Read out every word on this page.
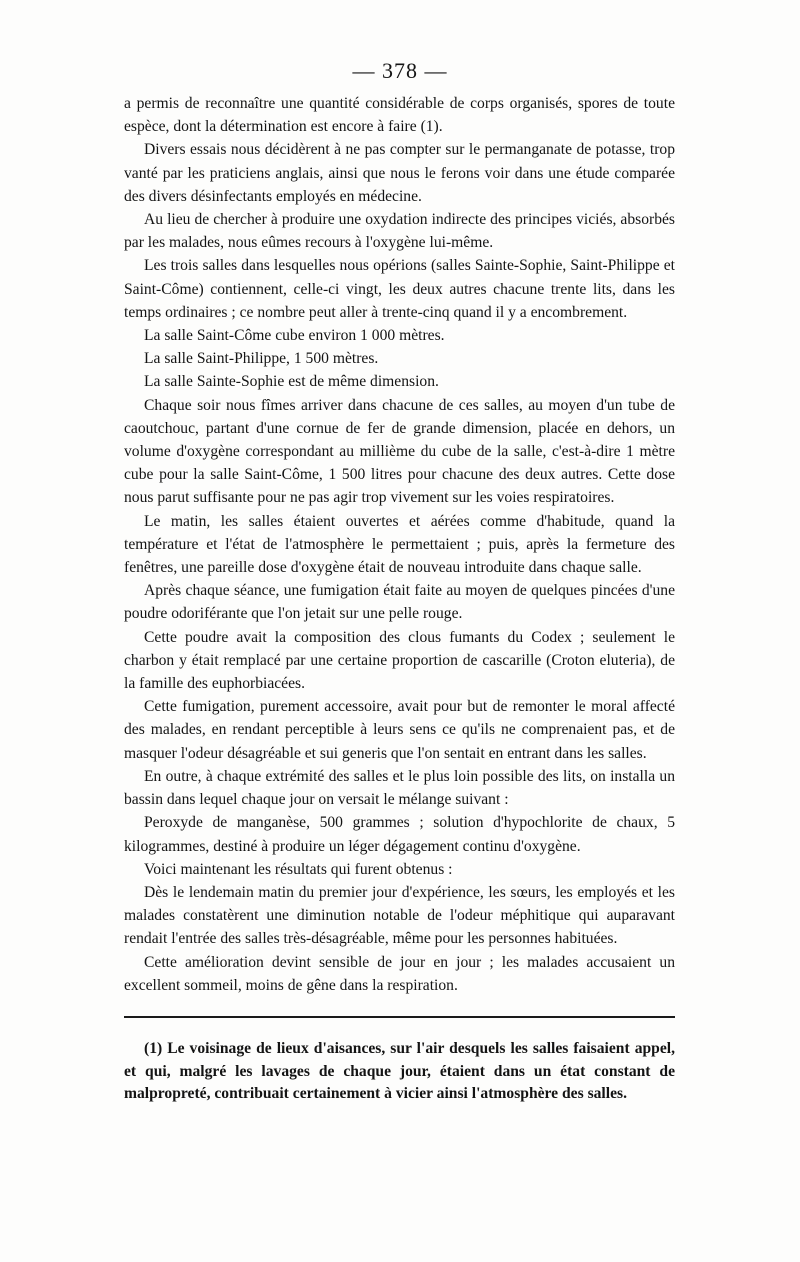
— 378 —

a permis de reconnaître une quantité considérable de corps organisés, spores de toute espèce, dont la détermination est encore à faire (1).

Divers essais nous décidèrent à ne pas compter sur le permanganate de potasse, trop vanté par les praticiens anglais, ainsi que nous le ferons voir dans une étude comparée des divers désinfectants employés en médecine.

Au lieu de chercher à produire une oxydation indirecte des principes viciés, absorbés par les malades, nous eûmes recours à l'oxygène lui-même.

Les trois salles dans lesquelles nous opérions (salles Sainte-Sophie, Saint-Philippe et Saint-Côme) contiennent, celle-ci vingt, les deux autres chacune trente lits, dans les temps ordinaires ; ce nombre peut aller à trente-cinq quand il y a encombrement.

La salle Saint-Côme cube environ 1 000 mètres.

La salle Saint-Philippe, 1 500 mètres.

La salle Sainte-Sophie est de même dimension.

Chaque soir nous fîmes arriver dans chacune de ces salles, au moyen d'un tube de caoutchouc, partant d'une cornue de fer de grande dimension, placée en dehors, un volume d'oxygène correspondant au millième du cube de la salle, c'est-à-dire 1 mètre cube pour la salle Saint-Côme, 1 500 litres pour chacune des deux autres. Cette dose nous parut suffisante pour ne pas agir trop vivement sur les voies respiratoires.

Le matin, les salles étaient ouvertes et aérées comme d'habitude, quand la température et l'état de l'atmosphère le permettaient ; puis, après la fermeture des fenêtres, une pareille dose d'oxygène était de nouveau introduite dans chaque salle.

Après chaque séance, une fumigation était faite au moyen de quelques pincées d'une poudre odoriférante que l'on jetait sur une pelle rouge.

Cette poudre avait la composition des clous fumants du Codex ; seulement le charbon y était remplacé par une certaine proportion de cascarille (Croton eluteria), de la famille des euphorbiacées.

Cette fumigation, purement accessoire, avait pour but de remonter le moral affecté des malades, en rendant perceptible à leurs sens ce qu'ils ne comprenaient pas, et de masquer l'odeur désagréable et sui generis que l'on sentait en entrant dans les salles.

En outre, à chaque extrémité des salles et le plus loin possible des lits, on installa un bassin dans lequel chaque jour on versait le mélange suivant :

Peroxyde de manganèse, 500 grammes ; solution d'hypochlorite de chaux, 5 kilogrammes, destiné à produire un léger dégagement continu d'oxygène.

Voici maintenant les résultats qui furent obtenus :

Dès le lendemain matin du premier jour d'expérience, les sœurs, les employés et les malades constatèrent une diminution notable de l'odeur méphitique qui auparavant rendait l'entrée des salles très-désagréable, même pour les personnes habituées.

Cette amélioration devint sensible de jour en jour ; les malades accusaient un excellent sommeil, moins de gêne dans la respiration.

(1) Le voisinage de lieux d'aisances, sur l'air desquels les salles faisaient appel, et qui, malgré les lavages de chaque jour, étaient dans un état constant de malpropreté, contribuait certainement à vicier ainsi l'atmosphère des salles.
